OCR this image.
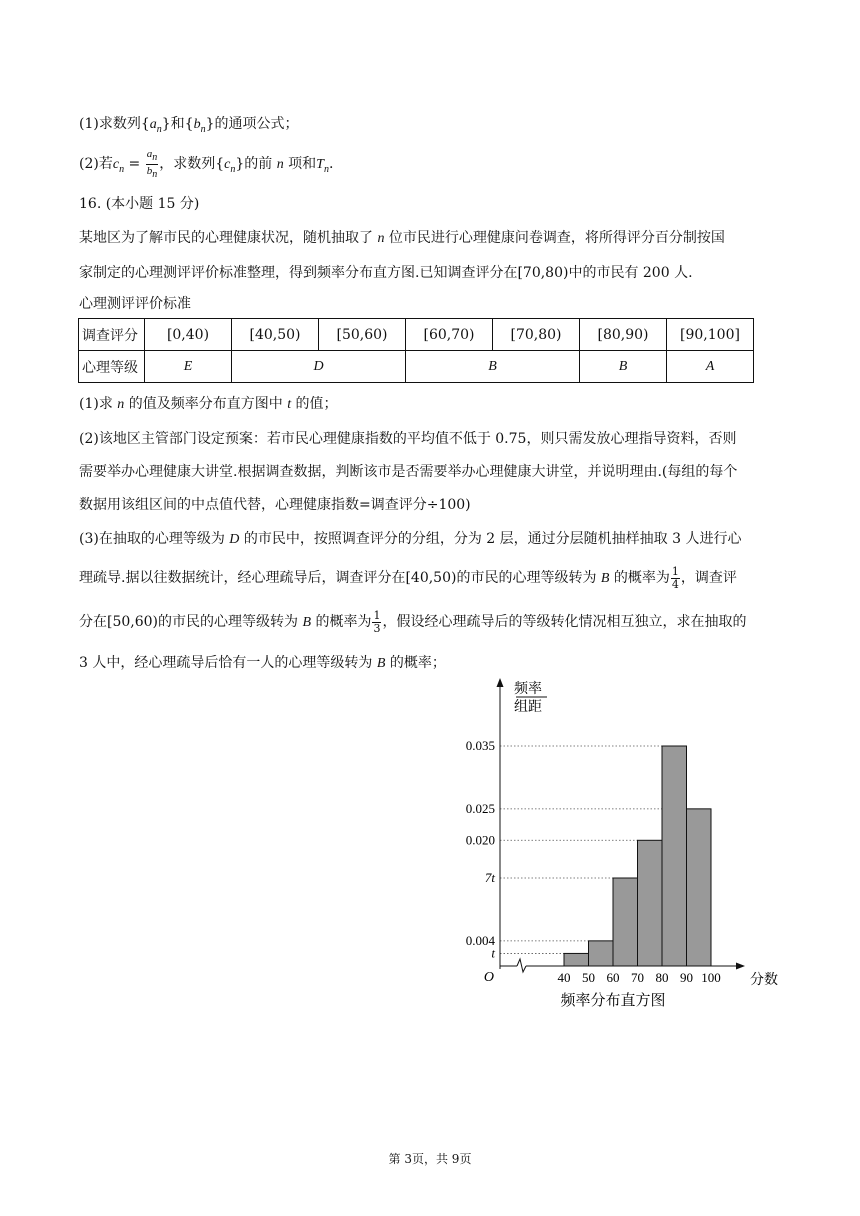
(1)求数列$\{a_n\}$和$\{b_n\}$的通项公式；
(2)若$c_n = \frac{a_n}{b_n}$ ，求数列$\{c_n\}$的前 n 项和$T_n$.
16. (本小题 15 分)
某地区为了解市民的心理健康状况，随机抽取了 n 位市民进行心理健康问卷调查，将所得评分百分制按国
家制定的心理测评评价标准整理，得到频率分布直方图.已知调查评分在[70,80)中的市民有 200 人.
心理测评评价标准
调查评分	[0,40)	[40,50)	[50,60)	[60,70)	[70,80)	[80,90)	[90,100]
心理等级	E	D		B		B	A
(1)求 n 的值及频率分布直方图中 t 的值；
(2)该地区主管部门设定预案：若市民心理健康指数的平均值不低于 0.75，则只需发放心理指导资料，否则
需要举办心理健康大讲堂.根据调查数据，判断该市是否需要举办心理健康大讲堂，并说明理由.(每组的每个
数据用该组区间的中点值代替，心理健康指数=调查评分÷100)
(3)在抽取的心理等级为 D 的市民中，按照调查评分的分组，分为 2 层，通过分层随机抽样抽取 3 人进行心
理疏导.据以往数据统计，经心理疏导后，调查评分在[40,50)的市民的心理等级转为 B 的概率为 $\frac{1}{4}$ ，调查评
分在[50,60)的市民的心理等级转为 B 的概率为 $\frac{1}{3}$ ，假设经心理疏导后的等级转化情况相互独立，求在抽取的
3 人中，经心理疏导后恰有一人的心理等级转为 B 的概率；
t
0.004
7t
0.020
0.035
0.025
40 50 60 70 80 90 100
频率
组距
O	分数
频率分布直方图
第 3页，共 9页
